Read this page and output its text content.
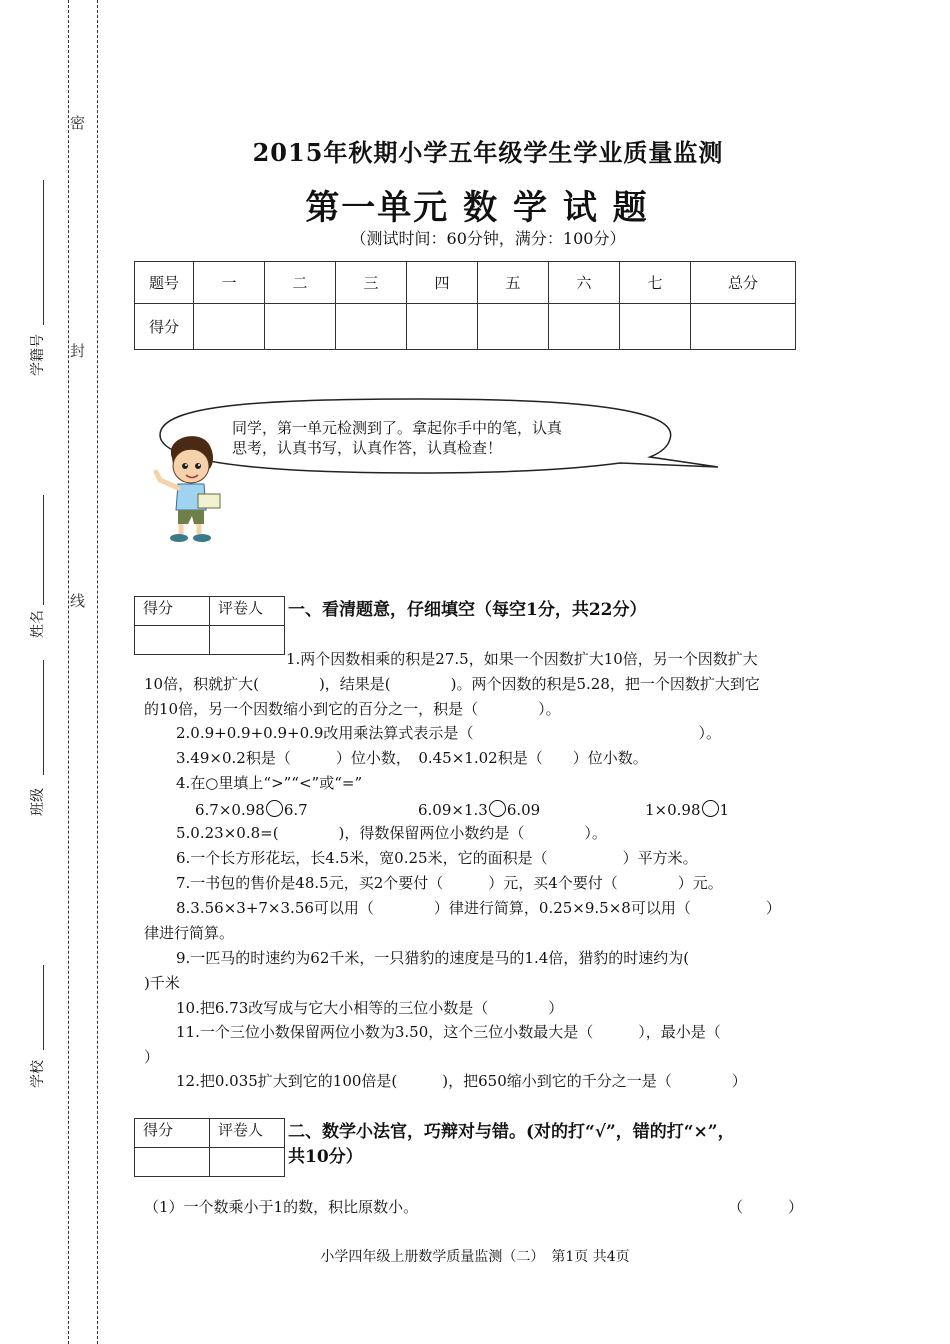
密
封
线
学籍号
姓名
班级
学校
2015年秋期小学五年级学生学业质量监测
第一单元 数 学 试 题
（测试时间：60分钟，满分：100分）
题号	一	二	三	四	五	六	七	总分
得分								
同学，第一单元检测到了。拿起你手中的笔，认真
思考，认真书写，认真作答，认真检查！
得分	评卷人
	一、看清题意，仔细填空（每空1分，共22分）
1.两个因数相乘的积是27.5，如果一个因数扩大10倍，另一个因数扩大
10倍，积就扩大(　　　　)，结果是(　　　　)。两个因数的积是5.28，把一个因数扩大到它
的10倍，另一个因数缩小到它的百分之一，积是（　　　　）。
2.0.9+0.9+0.9+0.9改用乘法算式表示是（　　　　　　　　　　　　　　　）。
3.49×0.2积是（　　　）位小数，　0.45×1.02积是（　　）位小数。
4.在○里填上“>”“<”或“=”
6.7×0.98 6.7	6.09×1.3 6.09	1×0.98 1
5.0.23×0.8=(　　　　)，得数保留两位小数约是（　　　　）。
6.一个长方形花坛，长4.5米，宽0.25米，它的面积是（　　　　　）平方米。
7.一书包的售价是48.5元，买2个要付（　　　）元，买4个要付（　　　　）元。
8.3.56×3+7×3.56可以用（　　　　）律进行简算，0.25×9.5×8可以用（　　　　　）
律进行简算。
9.一匹马的时速约为62千米，一只猎豹的速度是马的1.4倍，猎豹的时速约为(
)千米
10.把6.73改写成与它大小相等的三位小数是（　　　　）
11.一个三位小数保留两位小数为3.50，这个三位小数最大是（　　　），最小是（
）
12.把0.035扩大到它的100倍是(　　　)，把650缩小到它的千分之一是（　　　　）
得分	评卷人
	二、数学小法官，巧辩对与错。(对的打“√”，错的打“×”，
共10分）
（1）一个数乘小于1的数，积比原数小。	（　　　）
小学四年级上册数学质量监测（二）　第1页 共4页
